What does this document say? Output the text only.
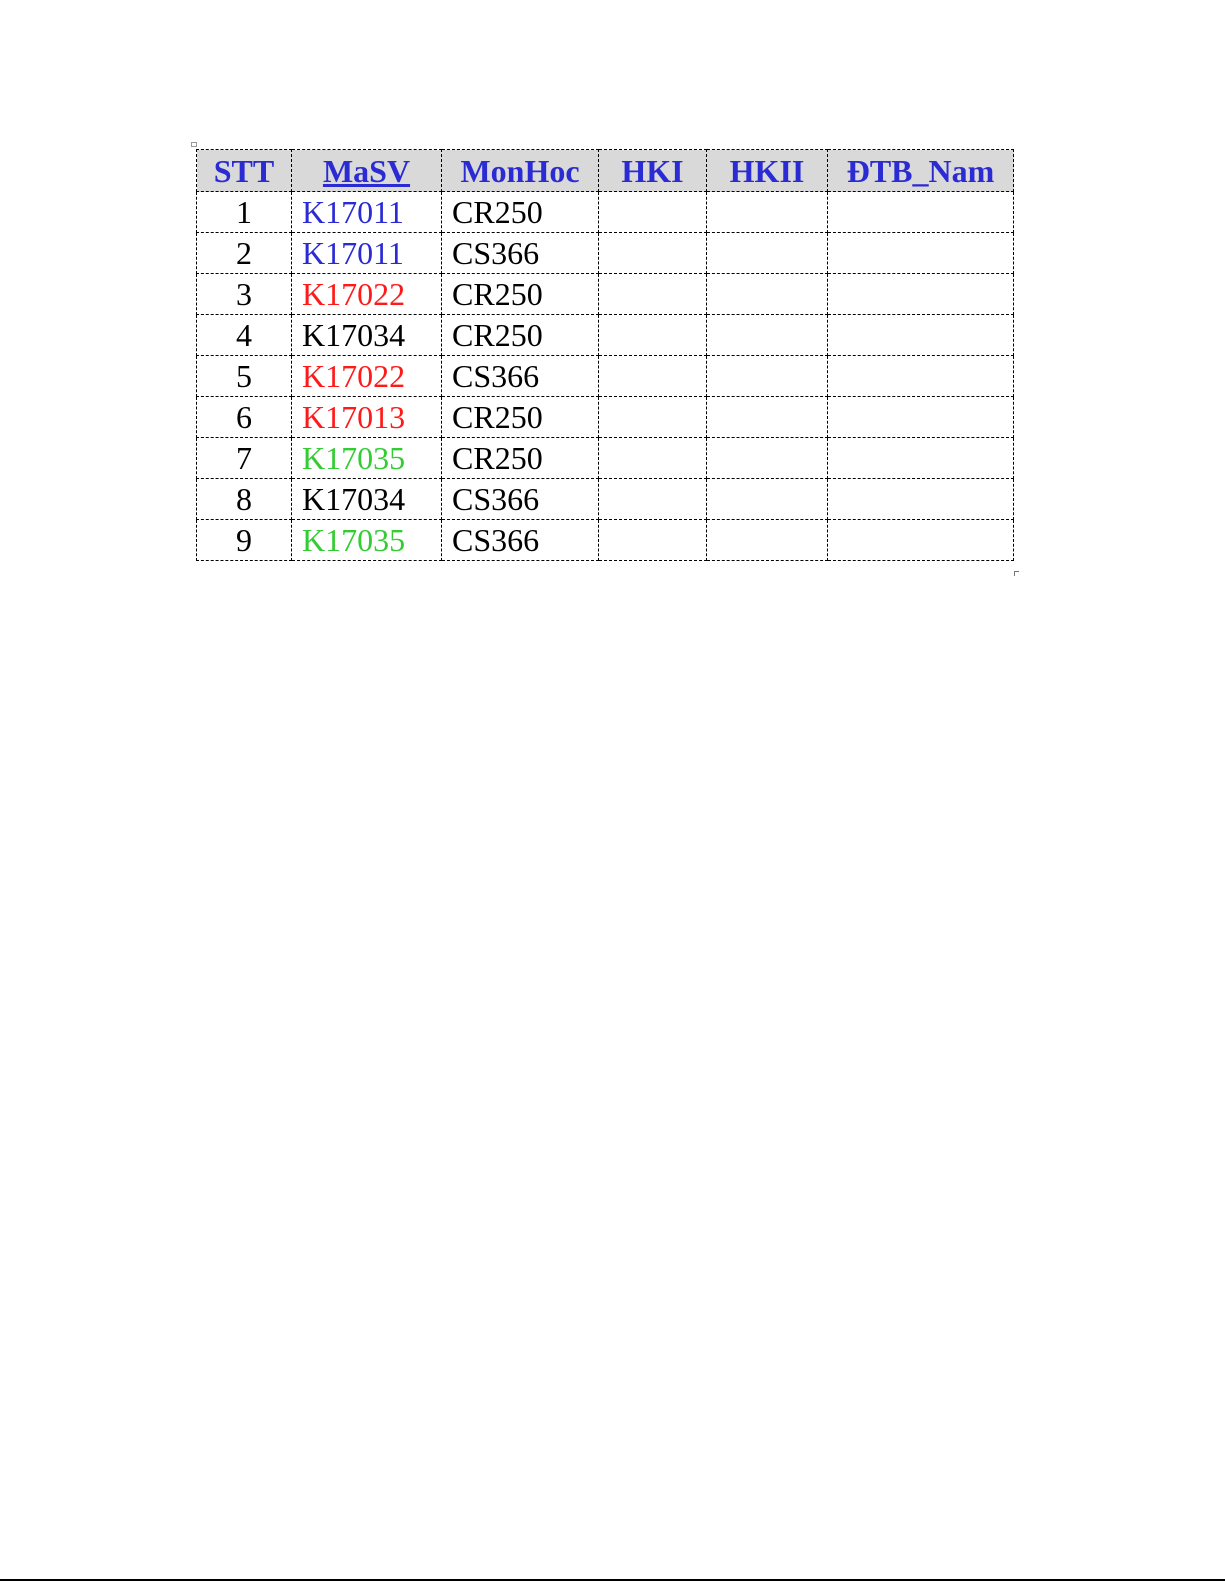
STT	MaSV	MonHoc	HKI	HKII	ĐTB_Nam
1	K17011	CR250			
2	K17011	CS366			
3	K17022	CR250			
4	K17034	CR250			
5	K17022	CS366			
6	K17013	CR250			
7	K17035	CR250			
8	K17034	CS366			
9	K17035	CS366			
